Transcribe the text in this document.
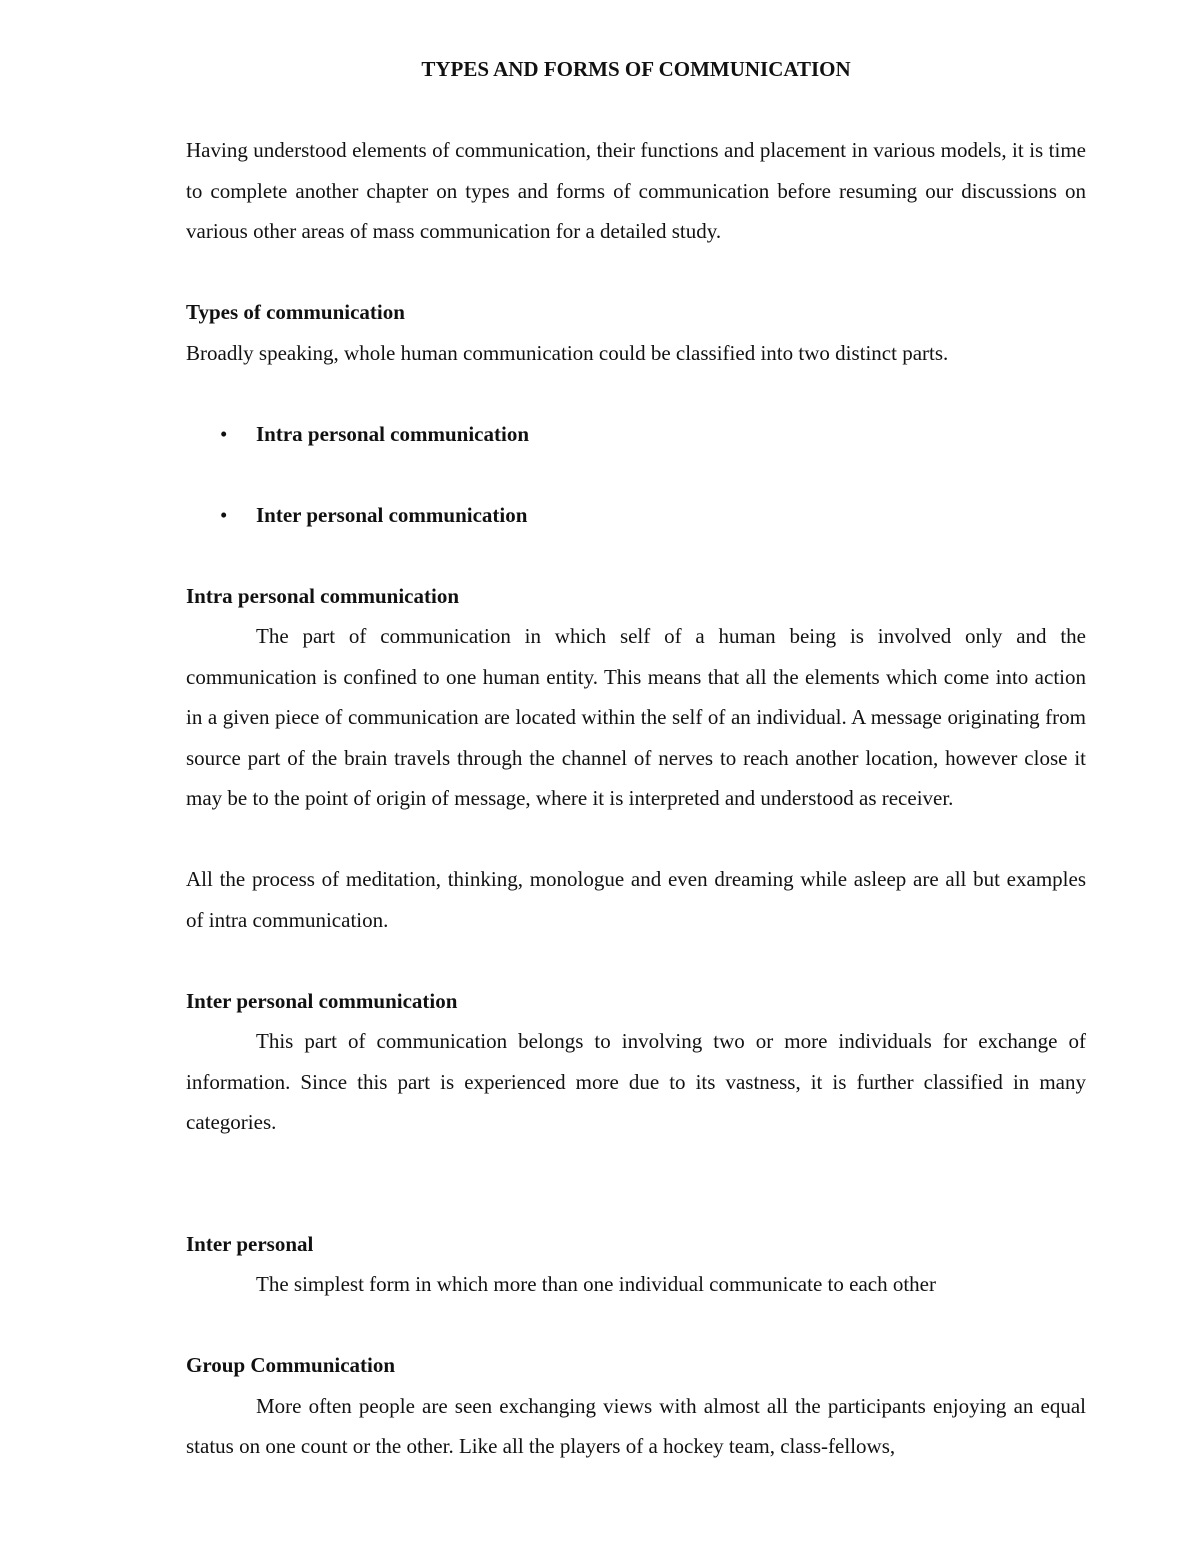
TYPES AND FORMS OF COMMUNICATION

Having understood elements of communication, their functions and placement in various models, it is time to complete another chapter on types and forms of communication before resuming our discussions on various other areas of mass communication for a detailed study.

Types of communication

Broadly speaking, whole human communication could be classified into two distinct parts.

• Intra personal communication
• Inter personal communication
Intra personal communication

The part of communication in which self of a human being is involved only and the communication is confined to one human entity. This means that all the elements which come into action in a given piece of communication are located within the self of an individual. A message originating from source part of the brain travels through the channel of nerves to reach another location, however close it may be to the point of origin of message, where it is interpreted and understood as receiver.

All the process of meditation, thinking, monologue and even dreaming while asleep are all but examples of intra communication.

Inter personal communication

This part of communication belongs to involving two or more individuals for exchange of information. Since this part is experienced more due to its vastness, it is further classified in many categories.

Inter personal

The simplest form in which more than one individual communicate to each other

Group Communication

More often people are seen exchanging views with almost all the participants enjoying an equal status on one count or the other. Like all the players of a hockey team, class-fellows,
